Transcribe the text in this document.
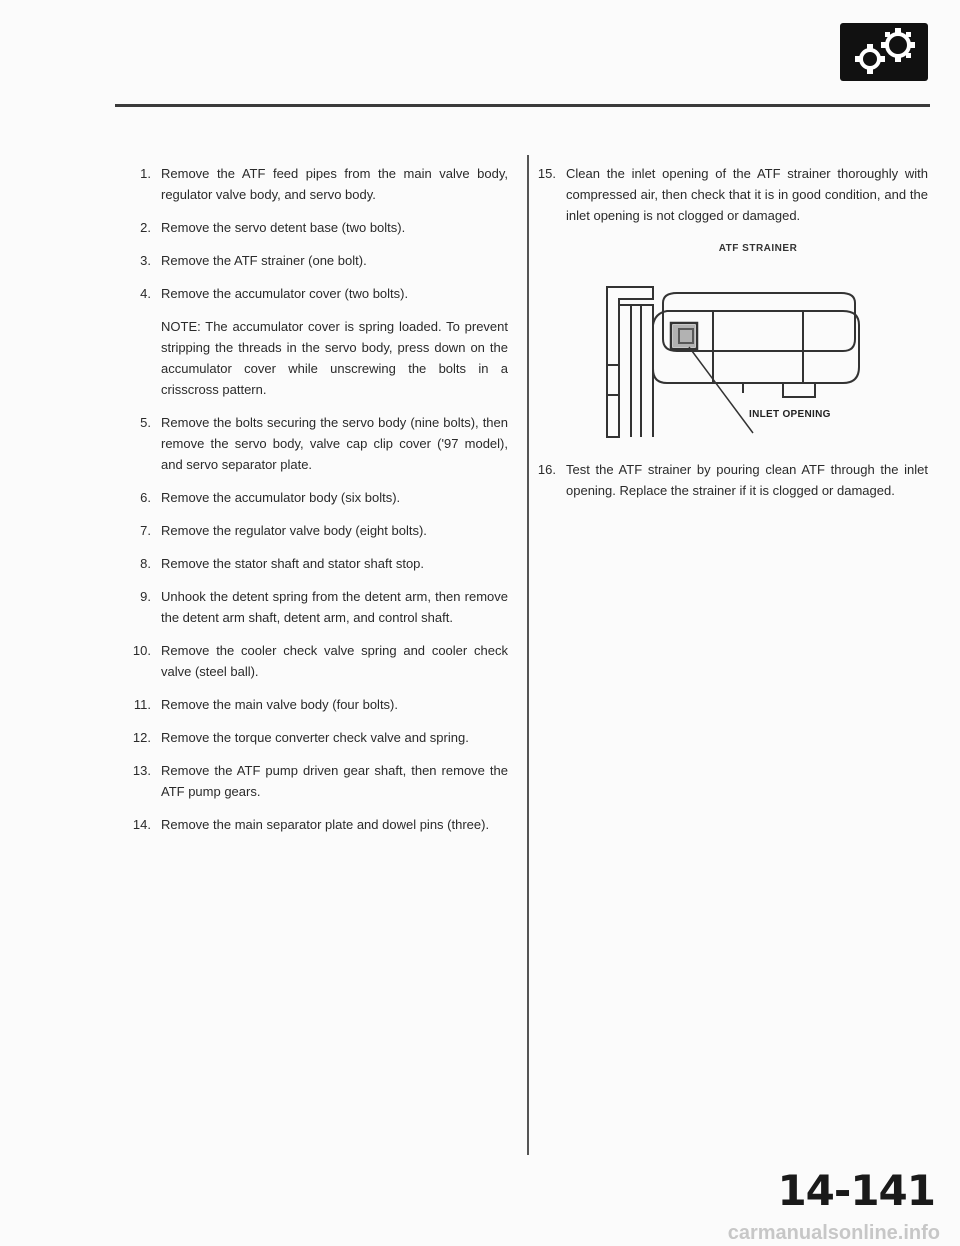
1. Remove the ATF feed pipes from the main valve body, regulator valve body, and servo body.
2. Remove the servo detent base (two bolts).
3. Remove the ATF strainer (one bolt).
4. Remove the accumulator cover (two bolts).

NOTE: The accumulator cover is spring loaded. To prevent stripping the threads in the servo body, press down on the accumulator cover while unscrewing the bolts in a crisscross pattern.

5. Remove the bolts securing the servo body (nine bolts), then remove the servo body, valve cap clip cover ('97 model), and servo separator plate.
6. Remove the accumulator body (six bolts).
7. Remove the regulator valve body (eight bolts).
8. Remove the stator shaft and stator shaft stop.
9. Unhook the detent spring from the detent arm, then remove the detent arm shaft, detent arm, and control shaft.
10. Remove the cooler check valve spring and cooler check valve (steel ball).
11. Remove the main valve body (four bolts).
12. Remove the torque converter check valve and spring.
13. Remove the ATF pump driven gear shaft, then remove the ATF pump gears.
14. Remove the main separator plate and dowel pins (three).
15. Clean the inlet opening of the ATF strainer thoroughly with compressed air, then check that it is in good condition, and the inlet opening is not clogged or damaged.
ATF STRAINER
INLET OPENING
16. Test the ATF strainer by pouring clean ATF through the inlet opening. Replace the strainer if it is clogged or damaged.
14-141
carmanualsonline.info
